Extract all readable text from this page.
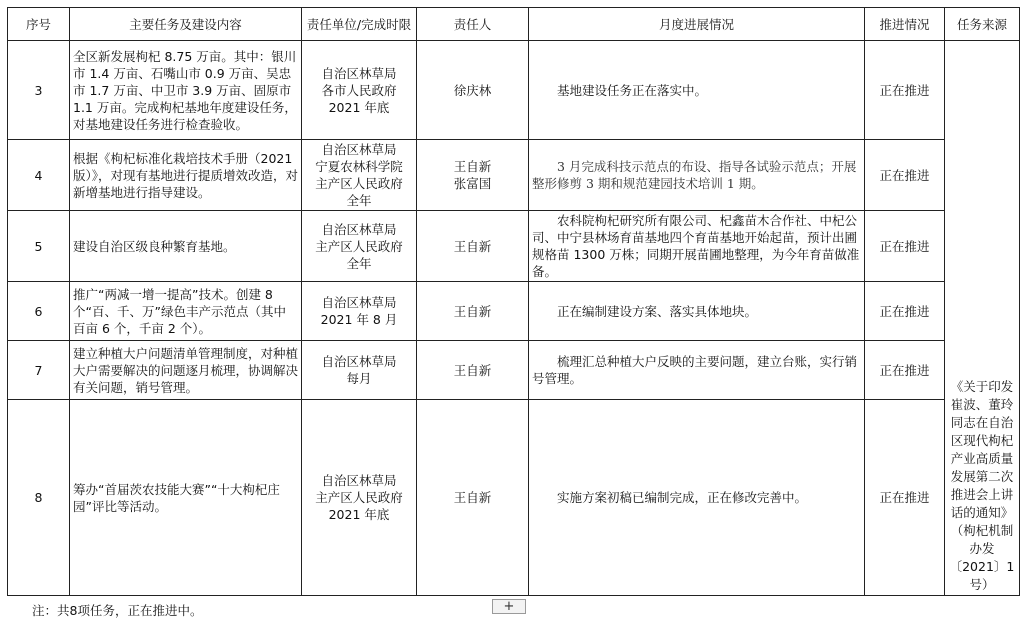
序号	主要任务及建设内容	责任单位/完成时限	责任人	月度进展情况	推进情况	任务来源
3	全区新发展枸杞 8.75 万亩。其中：银川市 1.4 万亩、石嘴山市 0.9 万亩、吴忠市 1.7 万亩、中卫市 3.9 万亩、固原市 1.1 万亩。完成枸杞基地年度建设任务，对基地建设任务进行检查验收。	自治区林草局
各市人民政府
2021 年底	徐庆林	基地建设任务正在落实中。	正在推进	《关于印发崔波、董玲同志在自治区现代枸杞产业高质量发展第二次推进会上讲话的通知》（枸杞机制办发〔2021〕1 号）

4	根据《枸杞标准化栽培技术手册（2021 版）》，对现有基地进行提质增效改造，对新增基地进行指导建设。	自治区林草局
宁夏农林科学院
主产区人民政府
全年	王自新
张富国	3 月完成科技示范点的布设、指导各试验示范点；开展整形修剪 3 期和规范建园技术培训 1 期。	正在推进	
5	建设自治区级良种繁育基地。	自治区林草局
主产区人民政府
全年	王自新	农科院枸杞研究所有限公司、杞鑫苗木合作社、中杞公司、中宁县林场育苗基地四个育苗基地开始起苗，预计出圃规格苗 1300 万株；同期开展苗圃地整理，为今年育苗做准备。	正在推进	
6	推广“两减一增一提高”技术。创建 8 个“百、千、万”绿色丰产示范点（其中百亩 6 个，千亩 2 个）。	自治区林草局
2021 年 8 月	王自新	正在编制建设方案、落实具体地块。	正在推进	
7	建立种植大户问题清单管理制度，对种植大户需要解决的问题逐月梳理，协调解决有关问题，销号管理。	自治区林草局
每月	王自新	梳理汇总种植大户反映的主要问题，建立台账，实行销号管理。	正在推进	
8	筹办“首届茨农技能大赛”“十大枸杞庄园”评比等活动。	自治区林草局
主产区人民政府
2021 年底	王自新	实施方案初稿已编制完成，正在修改完善中。	正在推进	
注：共8项任务，正在推进中。	+
